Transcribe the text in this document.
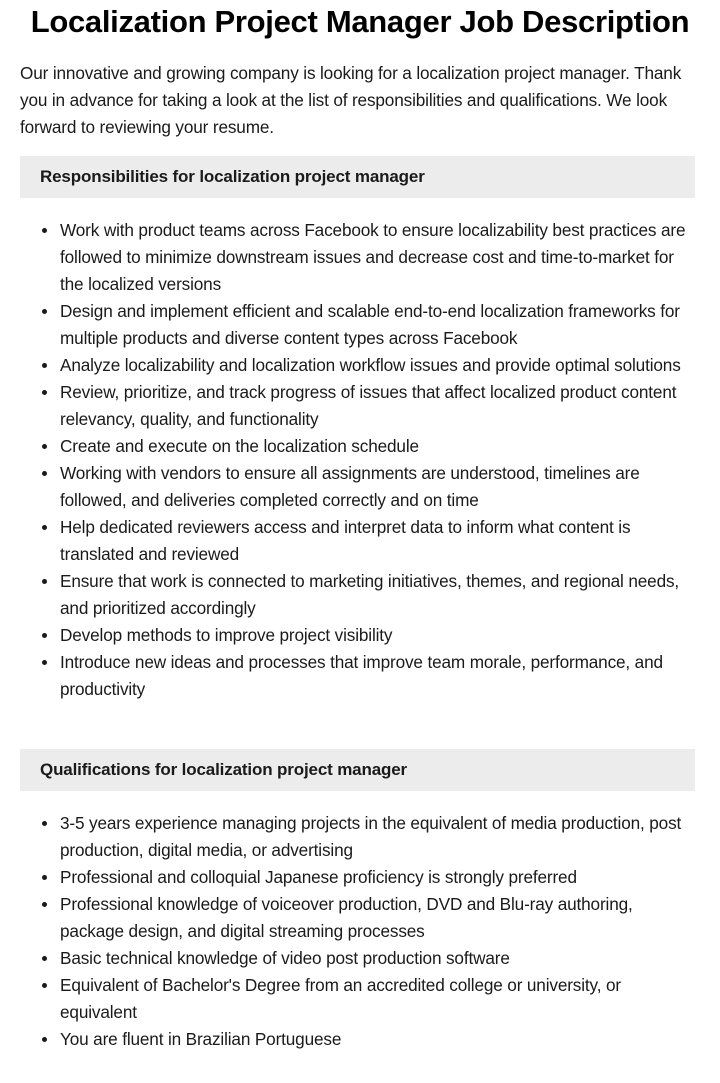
Localization Project Manager Job Description

Our innovative and growing company is looking for a localization project manager. Thank you in advance for taking a look at the list of responsibilities and qualifications. We look forward to reviewing your resume.

Responsibilities for localization project manager
Work with product teams across Facebook to ensure localizability best practices are followed to minimize downstream issues and decrease cost and time-to-market for the localized versions
Design and implement efficient and scalable end-to-end localization frameworks for multiple products and diverse content types across Facebook
Analyze localizability and localization workflow issues and provide optimal solutions
Review, prioritize, and track progress of issues that affect localized product content relevancy, quality, and functionality
Create and execute on the localization schedule
Working with vendors to ensure all assignments are understood, timelines are followed, and deliveries completed correctly and on time
Help dedicated reviewers access and interpret data to inform what content is translated and reviewed
Ensure that work is connected to marketing initiatives, themes, and regional needs, and prioritized accordingly
Develop methods to improve project visibility
Introduce new ideas and processes that improve team morale, performance, and productivity
Qualifications for localization project manager
3-5 years experience managing projects in the equivalent of media production, post production, digital media, or advertising
Professional and colloquial Japanese proficiency is strongly preferred
Professional knowledge of voiceover production, DVD and Blu-ray authoring, package design, and digital streaming processes
Basic technical knowledge of video post production software
Equivalent of Bachelor's Degree from an accredited college or university, or equivalent
You are fluent in Brazilian Portuguese
